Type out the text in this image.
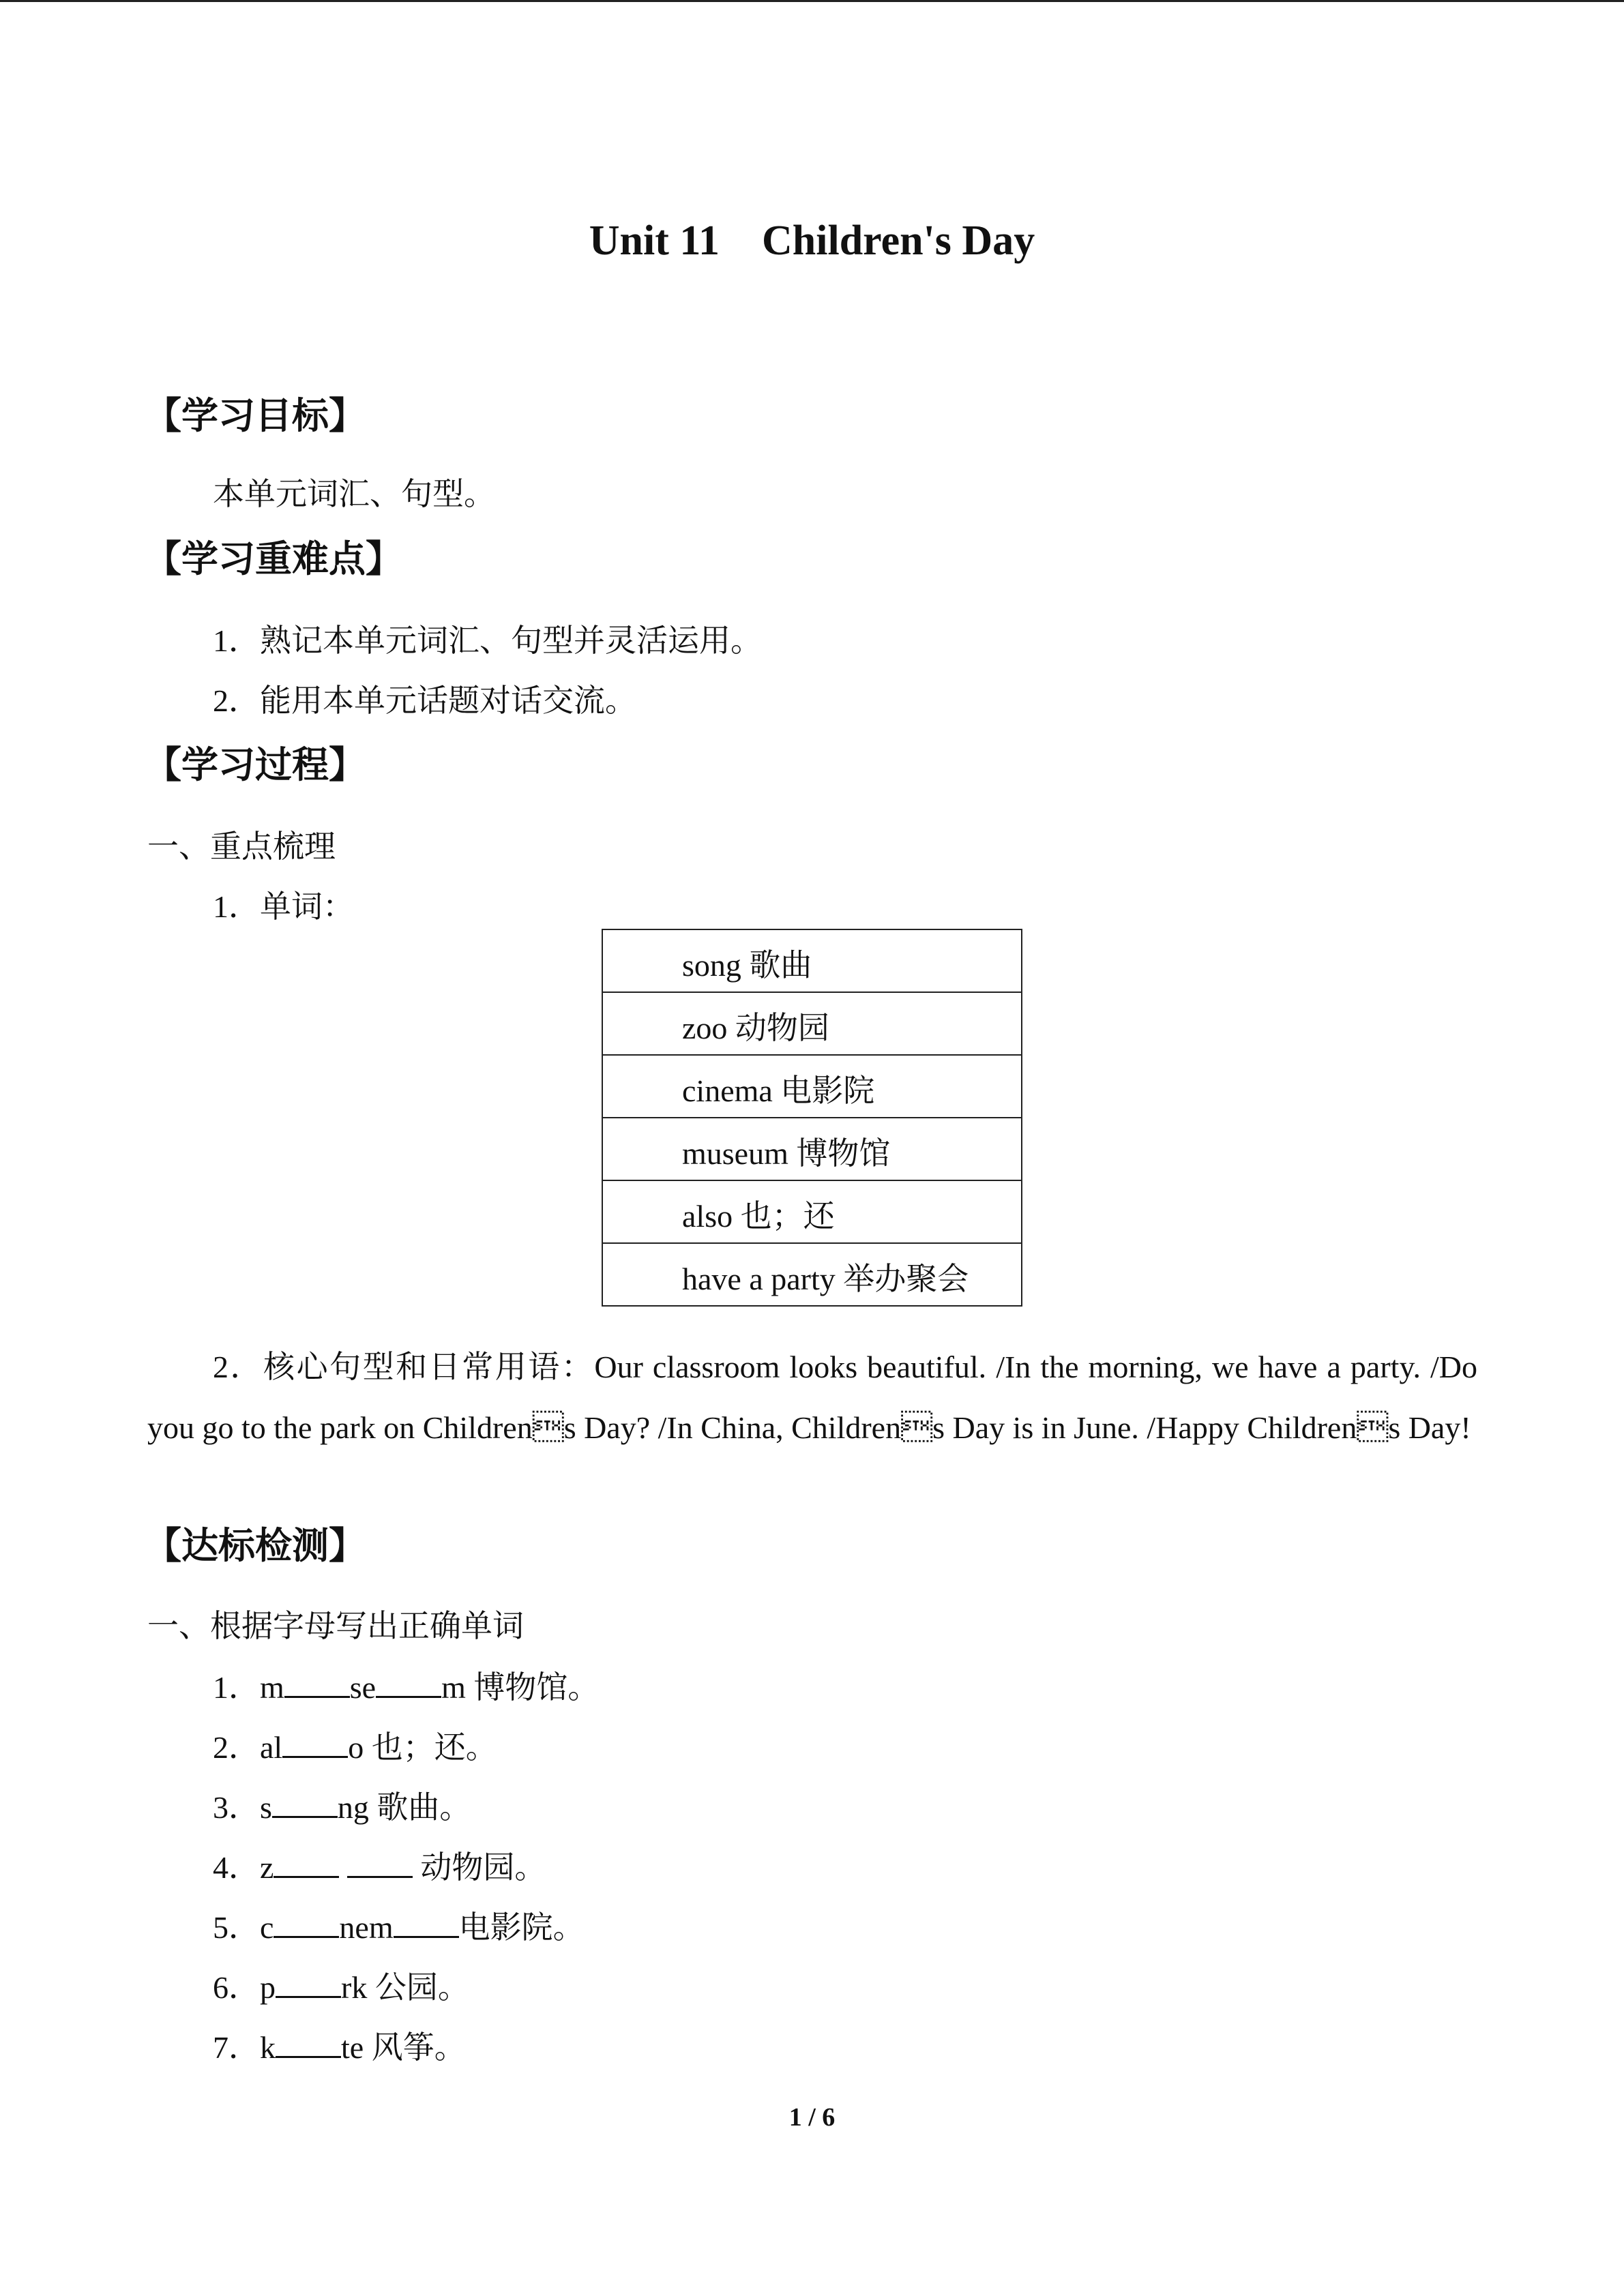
Unit 11    Children's Day
【学习目标】
本单元词汇、句型。
【学习重难点】
1．熟记本单元词汇、句型并灵活运用。
2．能用本单元话题对话交流。
【学习过程】
一、重点梳理
1．单词：
song 歌曲
zoo 动物园
cinema 电影院
museum 博物馆
also 也；还
have a party 举办聚会
2．核心句型和日常用语：Our classroom looks beautiful. /In the morning, we have a party. /Do you go to the park on Childrens Day? /In China, Childrens Day is in June. /Happy Childrens Day!
【达标检测】
一、根据字母写出正确单词
1．m se m 博物馆。
2．al o 也；还。
3．s ng 歌曲。
4．z	动物园。
5．c nem 电影院。
6．p rk 公园。
7．k te 风筝。
1 / 6
